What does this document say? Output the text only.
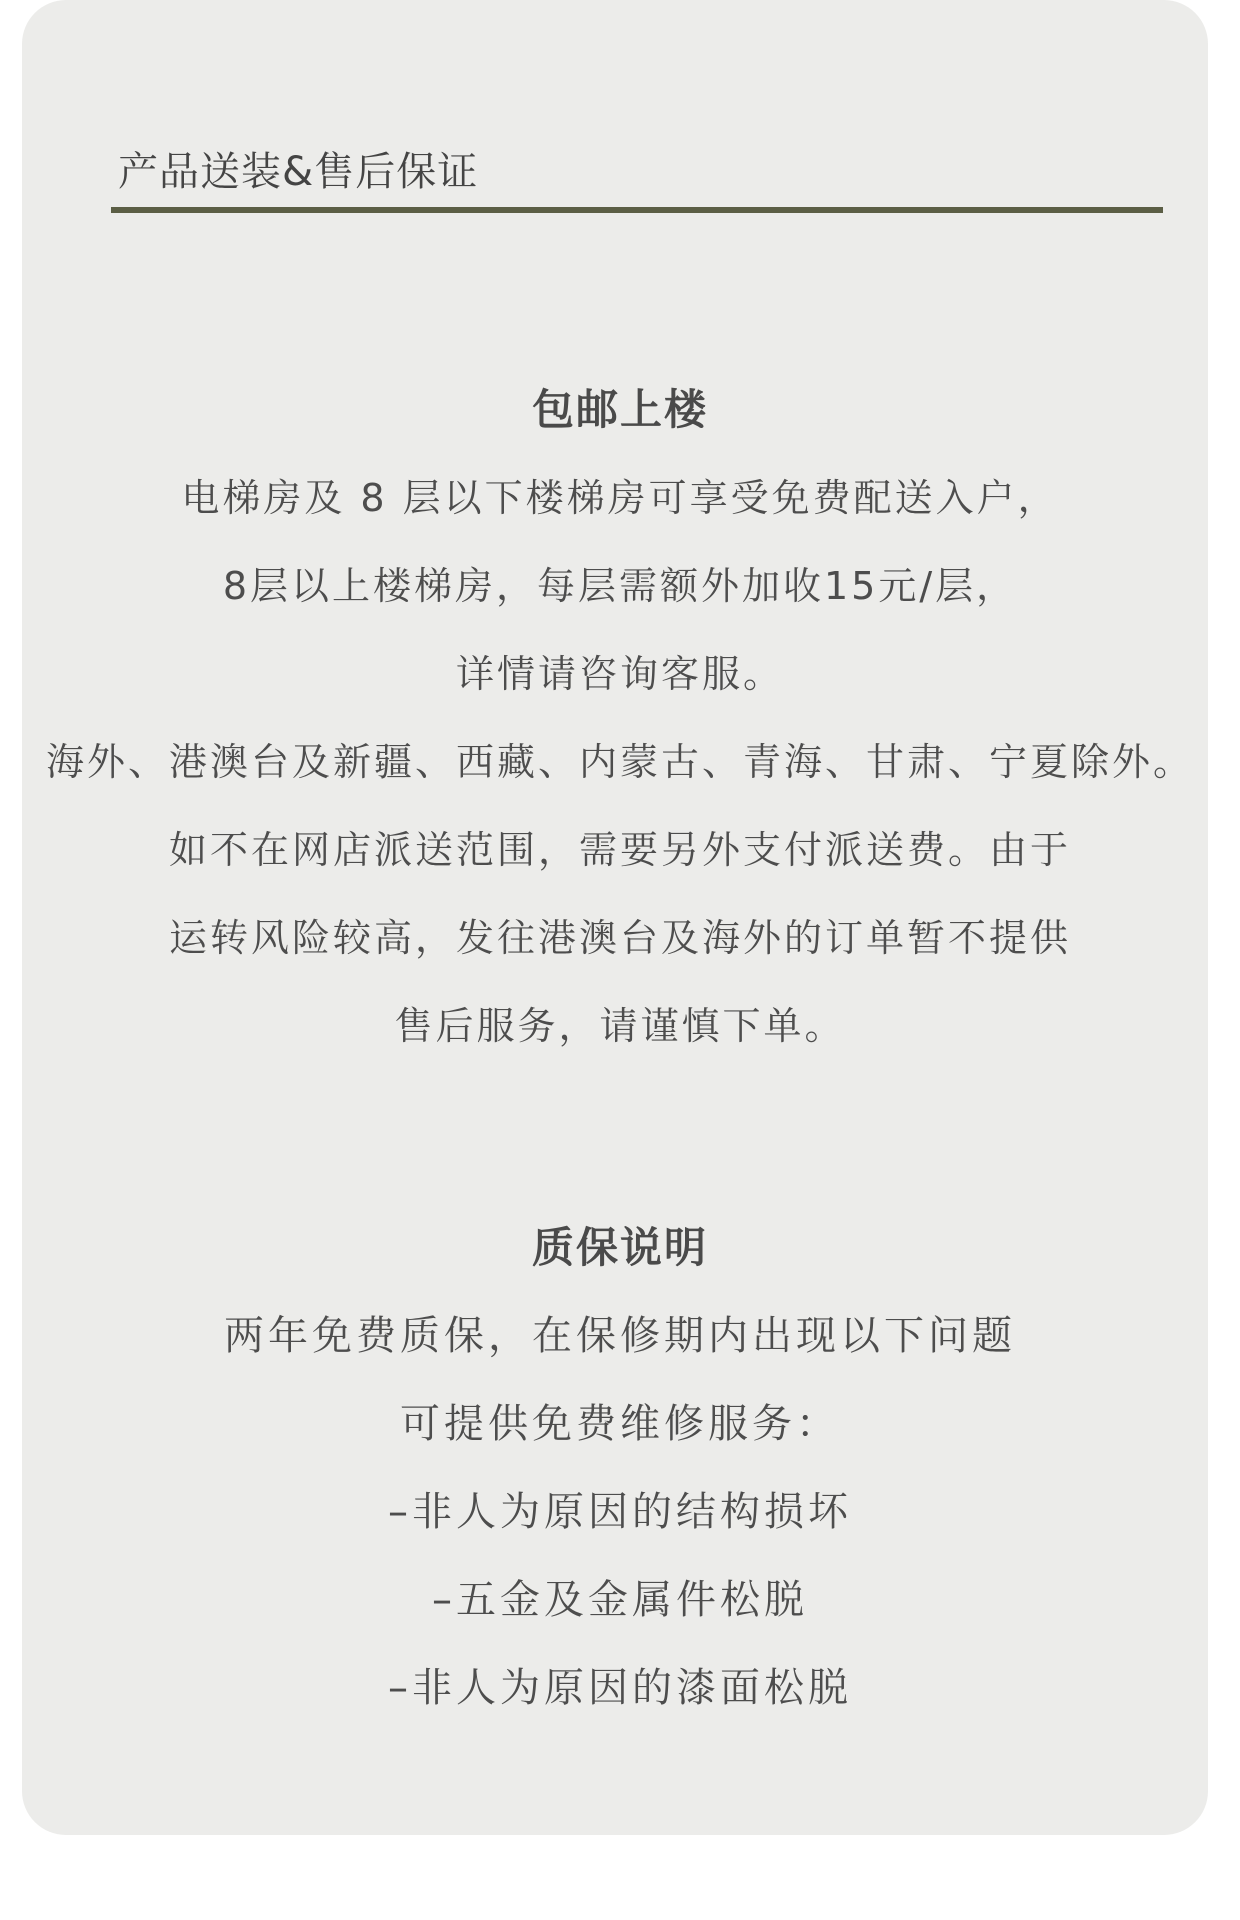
产品送装&售后保证
包邮上楼
电梯房及 8 层以下楼梯房可享受免费配送入户，
8层以上楼梯房，每层需额外加收15元/层，
详情请咨询客服。
海外、港澳台及新疆、西藏、内蒙古、青海、甘肃、宁夏除外。
如不在网店派送范围，需要另外支付派送费。由于
运转风险较高，发往港澳台及海外的订单暂不提供
售后服务，请谨慎下单。
质保说明
两年免费质保，在保修期内出现以下问题
可提供免费维修服务：
–非人为原因的结构损坏
–五金及金属件松脱
–非人为原因的漆面松脱
